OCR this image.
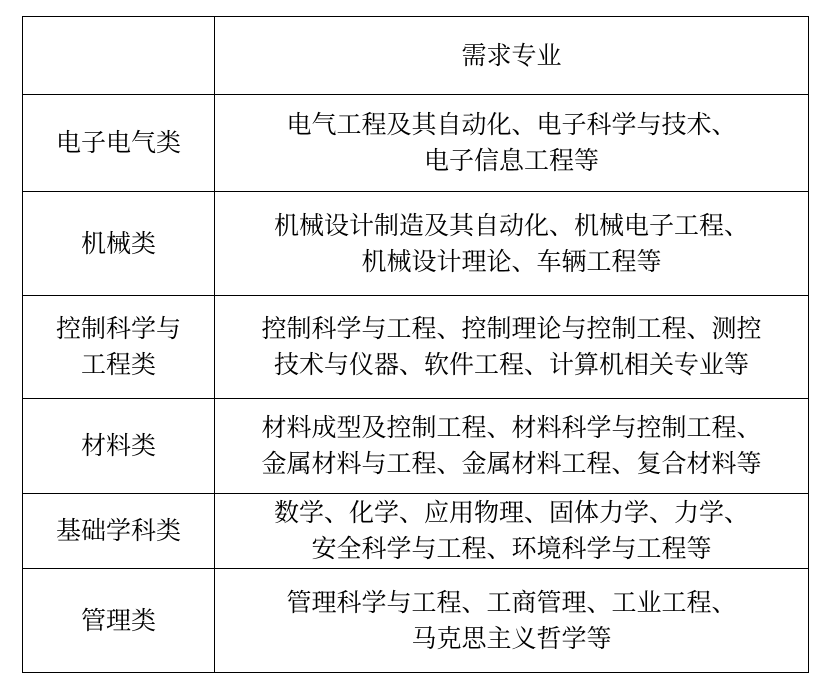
	需求专业

电子电气类	电气工程及其自动化、电子科学与技术、
电子信息工程等

机械类	机械设计制造及其自动化、机械电子工程、
机械设计理论、车辆工程等

控制科学与
工程类	控制科学与工程、控制理论与控制工程、测控
技术与仪器、软件工程、计算机相关专业等

材料类	材料成型及控制工程、材料科学与控制工程、
金属材料与工程、金属材料工程、复合材料等

基础学科类	数学、化学、应用物理、固体力学、力学、
安全科学与工程、环境科学与工程等

管理类	管理科学与工程、工商管理、工业工程、
马克思主义哲学等
